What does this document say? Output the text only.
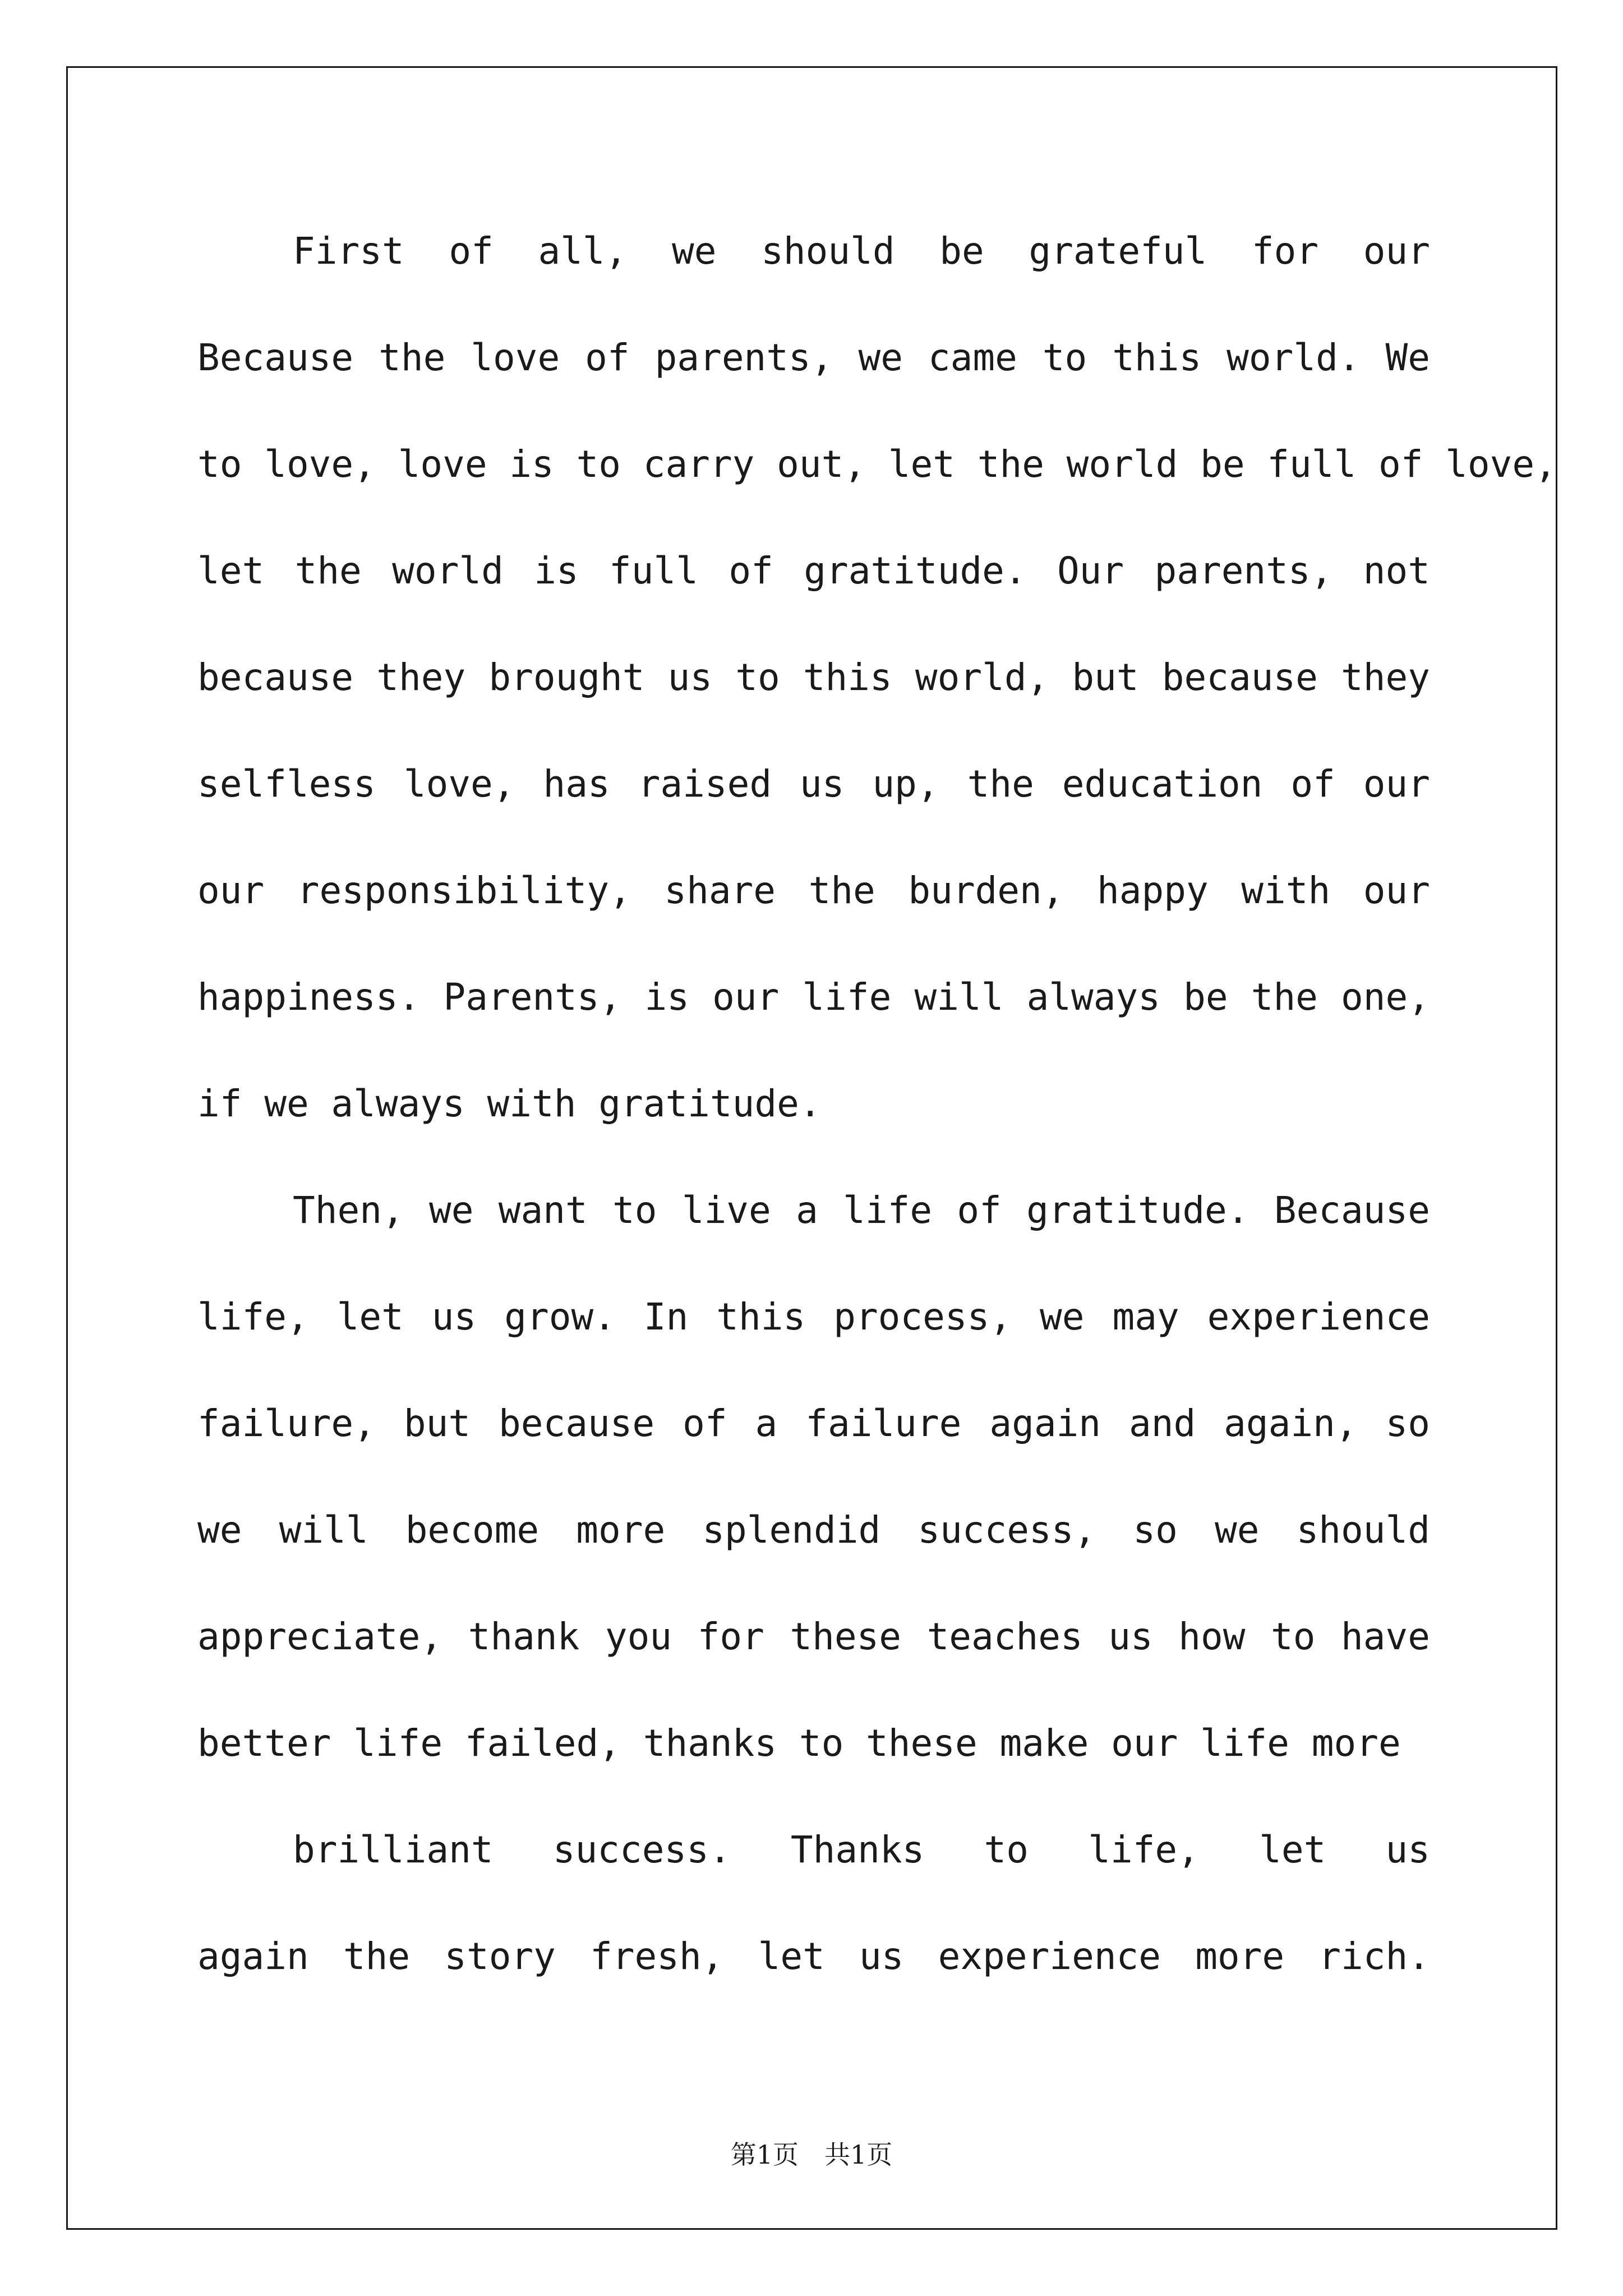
First of all, we should be grateful for our
Because the love of parents, we came to this world. We
to love, love is to carry out, let the world be full of love,
let the world is full of gratitude. Our parents, not
because they brought us to this world, but because they
selfless love, has raised us up, the education of our
our responsibility, share the burden, happy with our
happiness. Parents, is our life will always be the one,
if we always with gratitude.
Then, we want to live a life of gratitude. Because
life, let us grow. In this process, we may experience
failure, but because of a failure again and again, so
we will become more splendid success, so we should
appreciate, thank you for these teaches us how to have
better life failed, thanks to these make our life more
brilliant success. Thanks to life, let us
again the story fresh, let us experience more rich.
第1页　共1页
